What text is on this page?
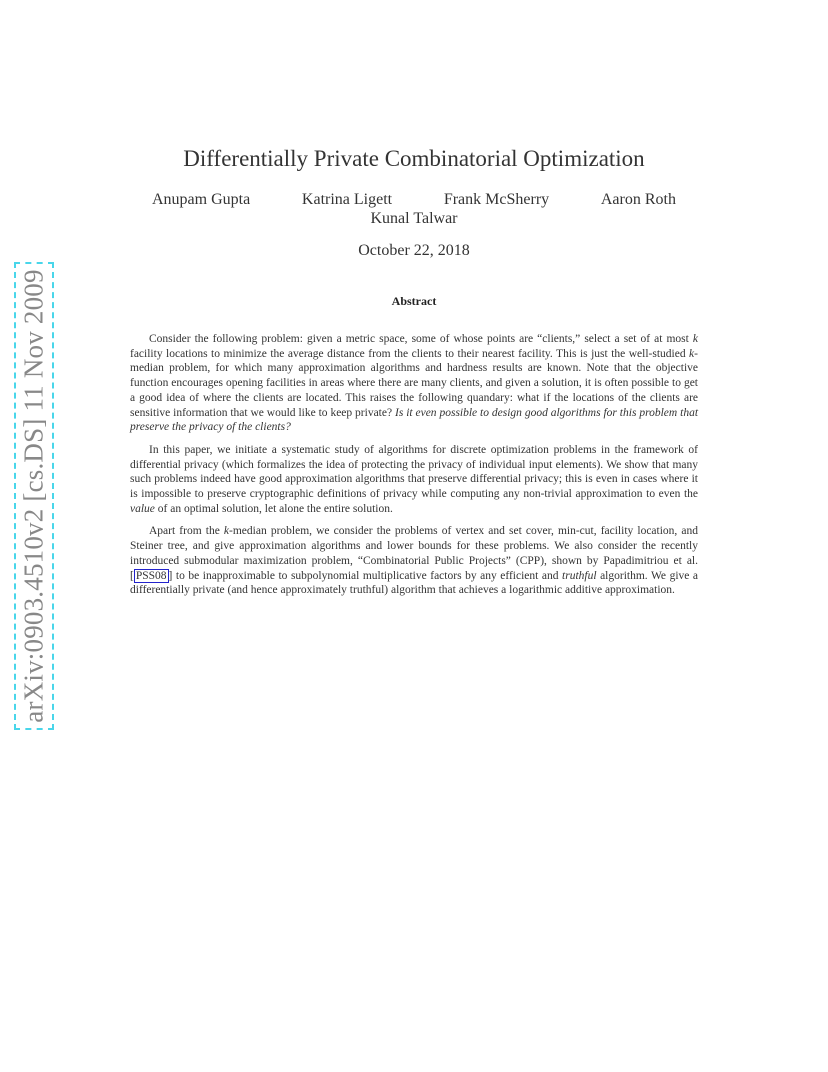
arXiv:0903.4510v2 [cs.DS] 11 Nov 2009
Differentially Private Combinatorial Optimization
Anupam Gupta	Katrina Ligett	Frank McSherry	Aaron Roth
Kunal Talwar
October 22, 2018
Abstract

Consider the following problem: given a metric space, some of whose points are “clients,” select a set of at most k facility locations to minimize the average distance from the clients to their nearest facility. This is just the well-studied k-median problem, for which many approximation algorithms and hardness results are known. Note that the objective function encourages opening facilities in areas where there are many clients, and given a solution, it is often possible to get a good idea of where the clients are located. This raises the following quandary: what if the locations of the clients are sensitive information that we would like to keep private? Is it even possible to design good algorithms for this problem that preserve the privacy of the clients?

In this paper, we initiate a systematic study of algorithms for discrete optimization problems in the framework of differential privacy (which formalizes the idea of protecting the privacy of individual input elements). We show that many such problems indeed have good approximation algorithms that preserve differential privacy; this is even in cases where it is impossible to preserve cryptographic definitions of privacy while computing any non-trivial approximation to even the value of an optimal solution, let alone the entire solution.

Apart from the k-median problem, we consider the problems of vertex and set cover, min-cut, facility location, and Steiner tree, and give approximation algorithms and lower bounds for these problems. We also consider the recently introduced submodular maximization problem, “Combinatorial Public Projects” (CPP), shown by Papadimitriou et al. [ PSS08 ] to be inapproximable to subpolynomial multiplicative factors by any efficient and truthful algorithm. We give a differentially private (and hence approximately truthful) algorithm that achieves a logarithmic additive approximation.
